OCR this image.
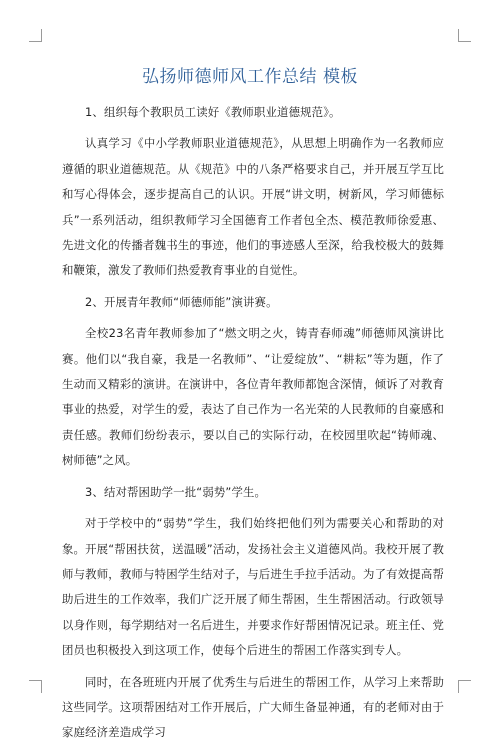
弘扬师德师风工作总结 模板

1、组织每个教职员工读好《教师职业道德规范》。

认真学习《中小学教师职业道德规范》，从思想上明确作为一名教师应遵循的职业道德规范。从《规范》中的八条严格要求自己，并开展互学互比和写心得体会，逐步提高自己的认识。开展“讲文明，树新风，学习师德标兵”一系列活动，组织教师学习全国德育工作者包全杰、模范教师徐爱惠、先进文化的传播者魏书生的事迹，他们的事迹感人至深，给我校极大的鼓舞和鞭策，激发了教师们热爱教育事业的自觉性。

2、开展青年教师“师德师能”演讲赛。

全校23名青年教师参加了“燃文明之火，铸青春师魂”师德师风演讲比赛。他们以“我自豪，我是一名教师”、“让爱绽放”、“耕耘”等为题，作了生动而又精彩的演讲。在演讲中，各位青年教师都饱含深情，倾诉了对教育事业的热爱，对学生的爱，表达了自己作为一名光荣的人民教师的自豪感和责任感。教师们纷纷表示，要以自己的实际行动，在校园里吹起“铸师魂、树师德”之风。

3、结对帮困助学一批“弱势”学生。

对于学校中的“弱势”学生，我们始终把他们列为需要关心和帮助的对象。开展“帮困扶贫，送温暖”活动，发扬社会主义道德风尚。我校开展了教师与教师，教师与特困学生结对子，与后进生手拉手活动。为了有效提高帮助后进生的工作效率，我们广泛开展了师生帮困，生生帮困活动。行政领导以身作则，每学期结对一名后进生，并要求作好帮困情况记录。班主任、党团员也积极投入到这项工作，使每个后进生的帮困工作落实到专人。

同时，在各班班内开展了优秀生与后进生的帮困工作，从学习上来帮助这些同学。这项帮困结对工作开展后，广大师生备显神通，有的老师对由于家庭经济差造成学习
